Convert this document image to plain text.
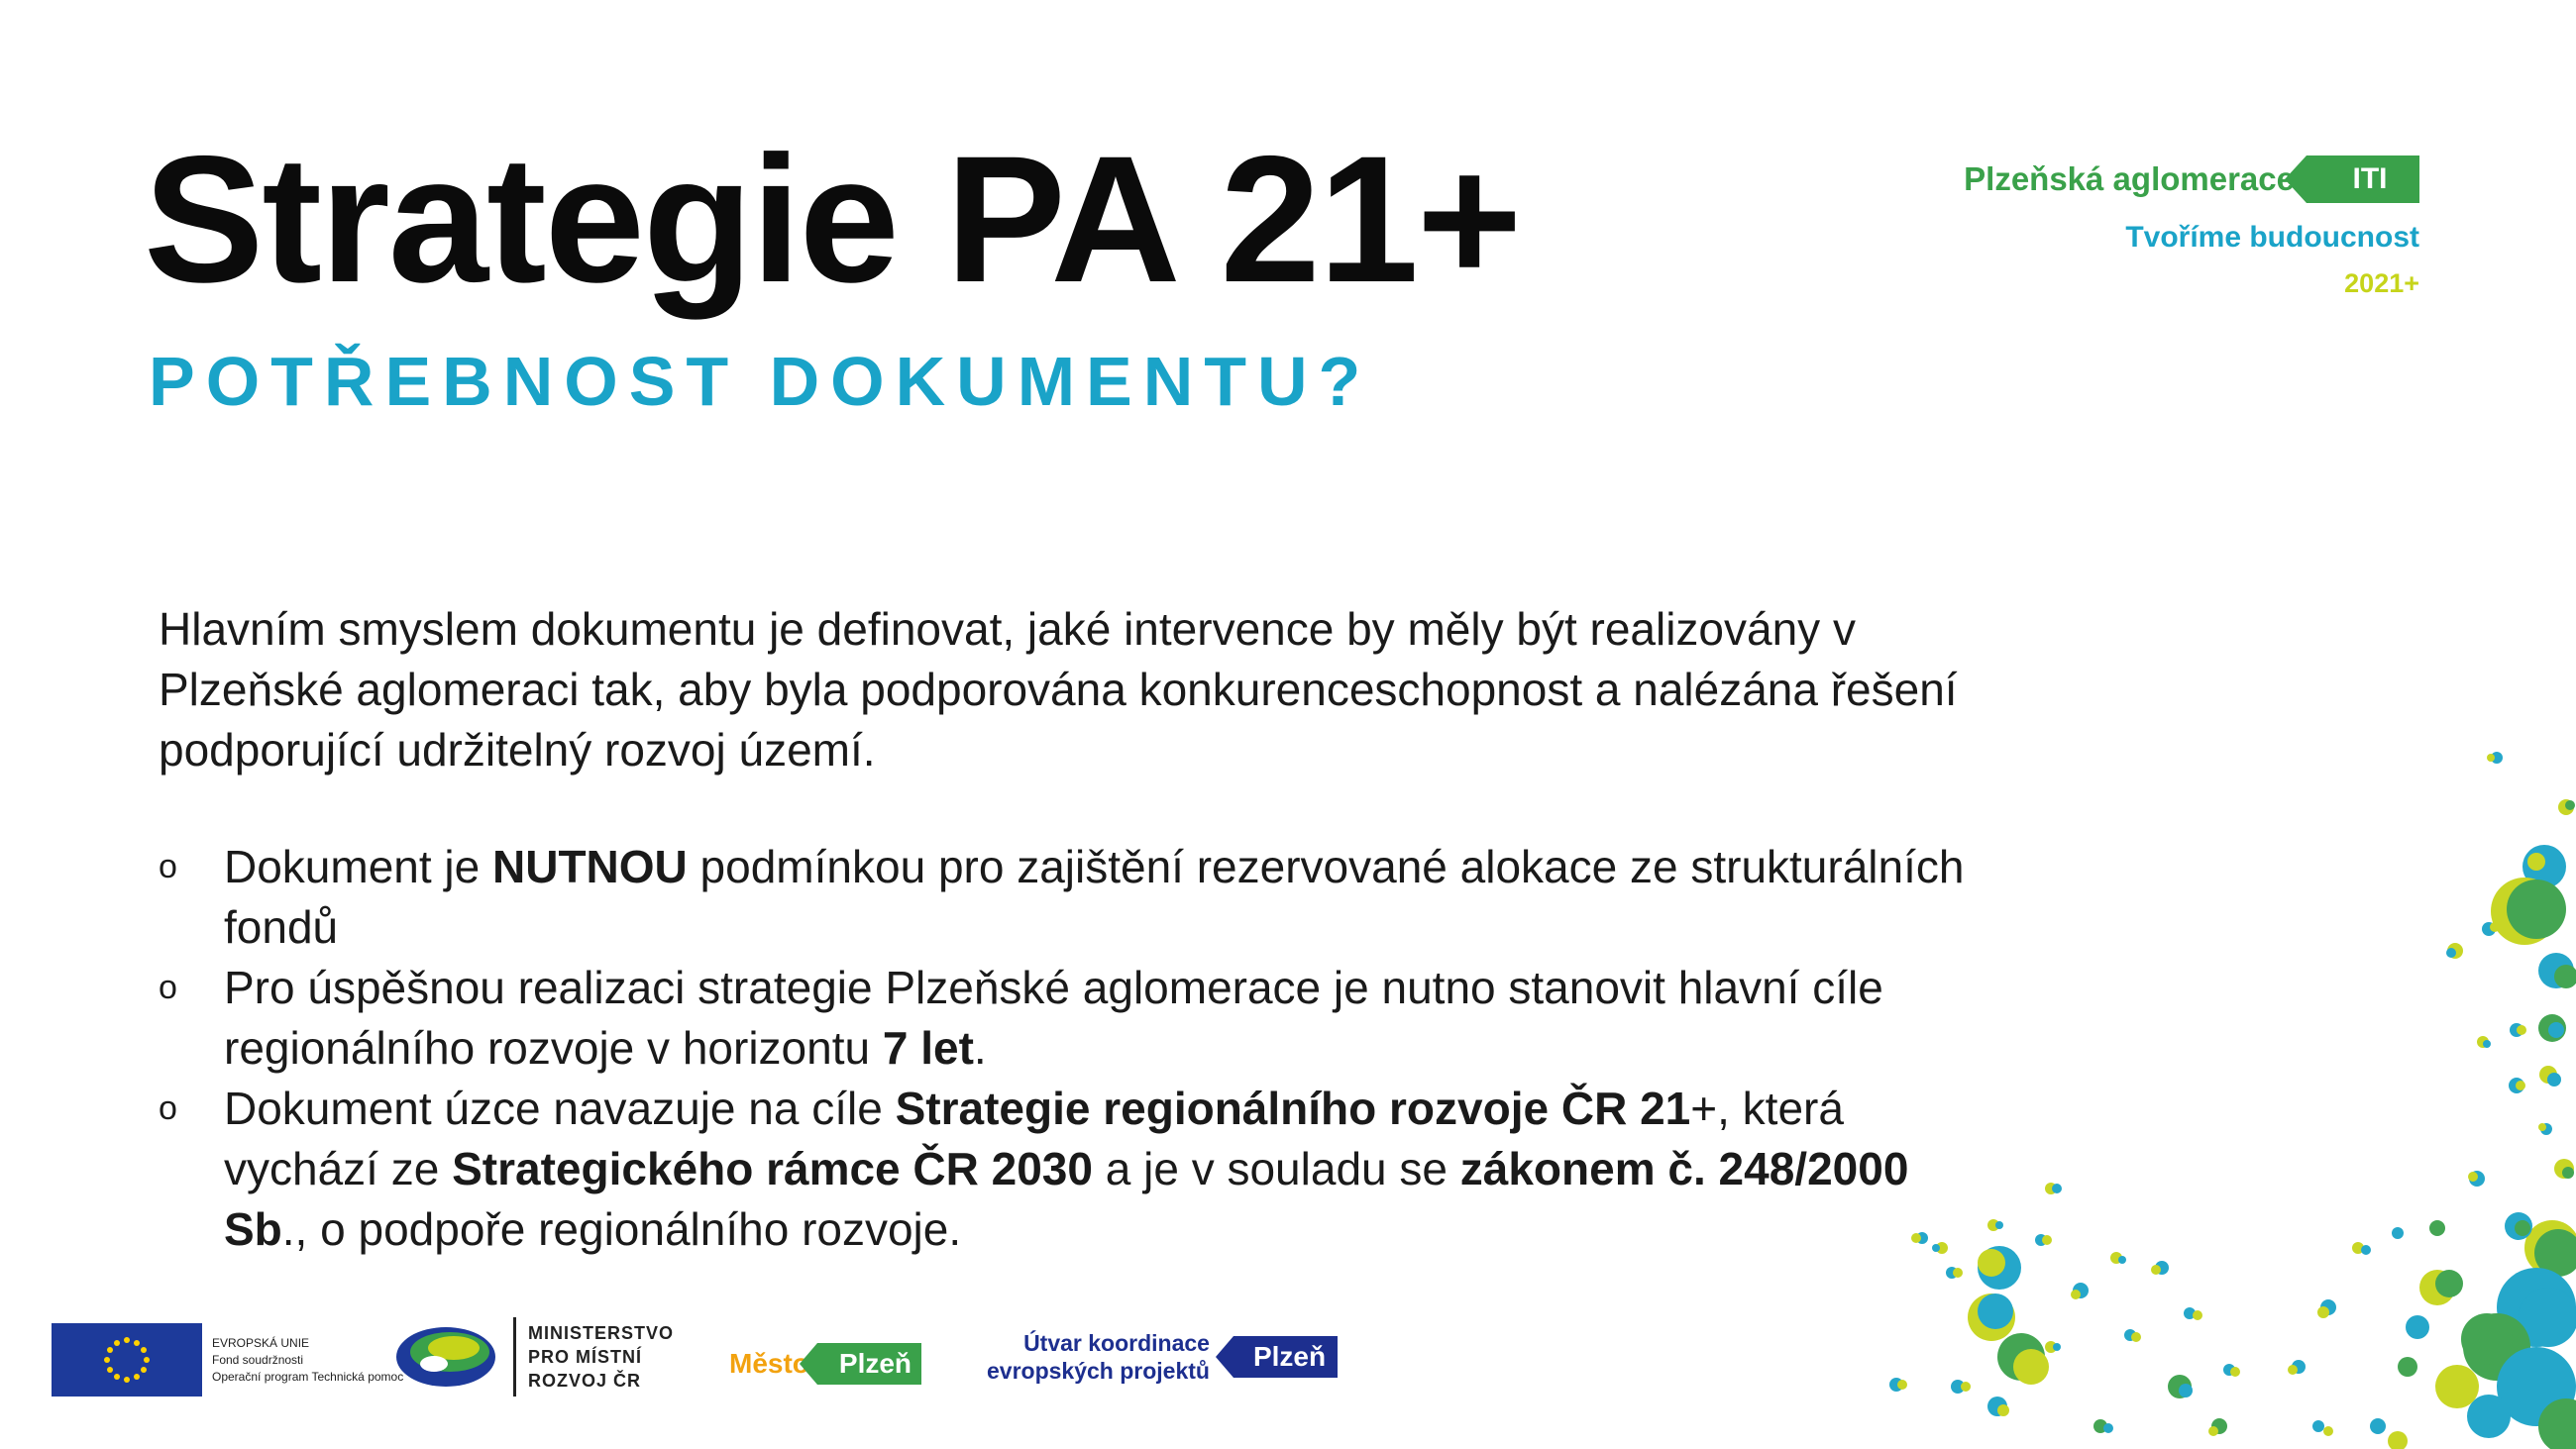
Strategie PA 21+
POTŘEBNOST DOKUMENTU?
Plzeňská aglomerace	ITI
Tvoříme budoucnost
2021+

Hlavním smyslem dokumentu je definovat, jaké intervence by měly být realizovány v Plzeňské aglomeraci tak, aby byla podporována konkurenceschopnost a nalézána řešení podporující udržitelný rozvoj území.

o Dokument je NUTNOU podmínkou pro zajištění rezervované alokace ze strukturálních fondů
o Pro úspěšnou realizaci strategie Plzeňské aglomerace je nutno stanovit hlavní cíle regionálního rozvoje v horizontu 7 let.
o Dokument úzce navazuje na cíle Strategie regionálního rozvoje ČR 21+, která vychází ze Strategického rámce ČR 2030 a je v souladu se zákonem č. 248/2000 Sb., o podpoře regionálního rozvoje.
EVROPSKÁ UNIE
Fond soudržnosti
Operační program Technická pomoc
MINISTERSTVO
PRO MÍSTNÍ
ROZVOJ ČR
Město	Plzeň
Útvar koordinace
evropských projektů	Plzeň
